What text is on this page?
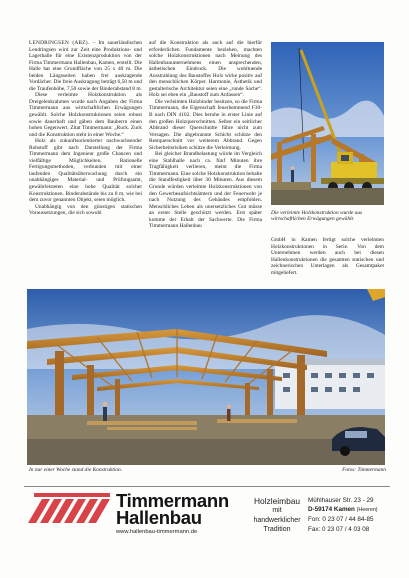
LENDRINGSEN (ABZ). – Im sauerländischen Lendringsen wird zur Zeit eine Produktions- und Lagerhalle für eine Existenzproduktion von der Firma Timmermann Hallenbau, Kamen, erstellt. Die Halle hat eine Grundfläche von 25 x 40 m. Die beiden Längsseiten haben frei auskragende Vordächer. Die freie Auskragung beträgt 6,50 m und die Traufenhöhe, 7,50 sowie der Binderabstand 8 m.

Diese verleimte Holzkonstruktion als Dreigelenkrahmen wurde nach Angaben der Firma Timmermann aus wirtschaftlichen Erwägungen gewählt. Solche Holzkonstruktionen seien robust sowie dauerhaft und gäben dem Bauherrn einen hohen Gegenwert. Zitat Timmermann: „Ruck. Zuck und die Konstruktion steht in einer Woche.“

Holz als zukunftsorientierter nachwachsender Rohstoff gibt nach Darstellung der Firma Timmermann dem Ingenieur große Chancen und vielfältige Möglichkeiten. Rationelle Fertigungsmethoden, verbunden mit einer laufenden Qualitätsüberwachung durch ein unabhängiges Material- und Prüfungsamt, gewährleisteten eine hohe Qualität solcher Konstruktionen. Binderabstände bis zu 8 m, wie bei dem zuvor genannten Objekt, seien möglich.

Unabhängig von den günstigen statischen Voraussetzungen, die sich sowohl

auf die Konstruktion als auch auf die hierfür erforderlichen Fundamente beziehen, machten solche Holzkonstruktionen nach Meinung des Hallenbauunternehmens einen ansprechenden, ästhetischen Eindruck. Die wohltuende Ausstrahlung des Baustoffes Holz wirke positiv auf den menschlichen Körper. Harmonie, Ästhetik und gestalterische Architektur seien eine „runde Sache“. Holz sei eben ein „Baustoff zum Anfassen“.

Die verleimten Holzbinder besitzen, so die Firma Timmermann, die Eigenschaft feuerhemmend F30-B nach DIN 4102. Dies beruhe in erster Linie auf den großen Holzquerschnitten. Selbst ein seitlicher Abbrand dieser Querschnitte führe nicht zum Versagen. Die abgebrannte Schicht schütze den Restquerschnitt vor weiterem Abbrand. Gegen Sicherheitsrisiken schütze die Verleimung.

Bei gleicher Brandbelastung würde im Vergleich eine Stahlhalle nach ca. fünf Minuten ihre Tragfähigkeit verlieren, meint die Firma Timmermann. Eine solche Holzkonstruktion behalte die Standfestigkeit über 30 Minuten. Aus diesem Grunde würden verleimte Holzkonstruktionen von den Gewerbeaufsichtsämtern und der Feuerwehr je nach Nutzung des Gebäudes empfohlen. Menschliches Leben als unersetzliches Gut müsse an erster Stelle geschützt werden. Erst später komme der Erhalt der Sachwerte. Die Firma Timmermann Hallenbau

Die verleimte Holzkonstruktion wurde aus wirtschaftlichen Erwägungen gewählt.

GmbH in Kamen fertigt solche verleimten Holzkonstruktionen in Serie. Von dem Unternehmen werden auch bei diesen Hallenkonstruktionen die gesamten statischen und zeichnerischen Unterlagen als Gesamtpaket mitgeliefert.

In nur einer Woche stand die Konstruktion.	Fotos: Timmermann
Timmermann
Hallenbau
www.hallenbau-timmermann.de
Holzleimbau
mit
handwerklicher
Tradition
Mühlhauser Str. 23 - 29
D-59174 Kamen (Heeren)
Fon: 0 23 07 / 44 84-85
Fax: 0 23 07 / 4 03 08
